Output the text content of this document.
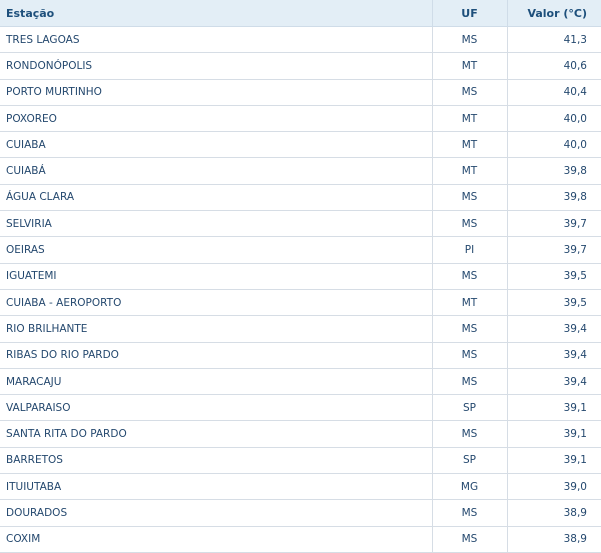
Estação	UF	Valor (°C)
TRES LAGOAS	MS	41,3
RONDONÓPOLIS	MT	40,6
PORTO MURTINHO	MS	40,4
POXOREO	MT	40,0
CUIABA	MT	40,0
CUIABÁ	MT	39,8
ÁGUA CLARA	MS	39,8
SELVIRIA	MS	39,7
OEIRAS	PI	39,7
IGUATEMI	MS	39,5
CUIABA - AEROPORTO	MT	39,5
RIO BRILHANTE	MS	39,4
RIBAS DO RIO PARDO	MS	39,4
MARACAJU	MS	39,4
VALPARAISO	SP	39,1
SANTA RITA DO PARDO	MS	39,1
BARRETOS	SP	39,1
ITUIUTABA	MG	39,0
DOURADOS	MS	38,9
COXIM	MS	38,9
